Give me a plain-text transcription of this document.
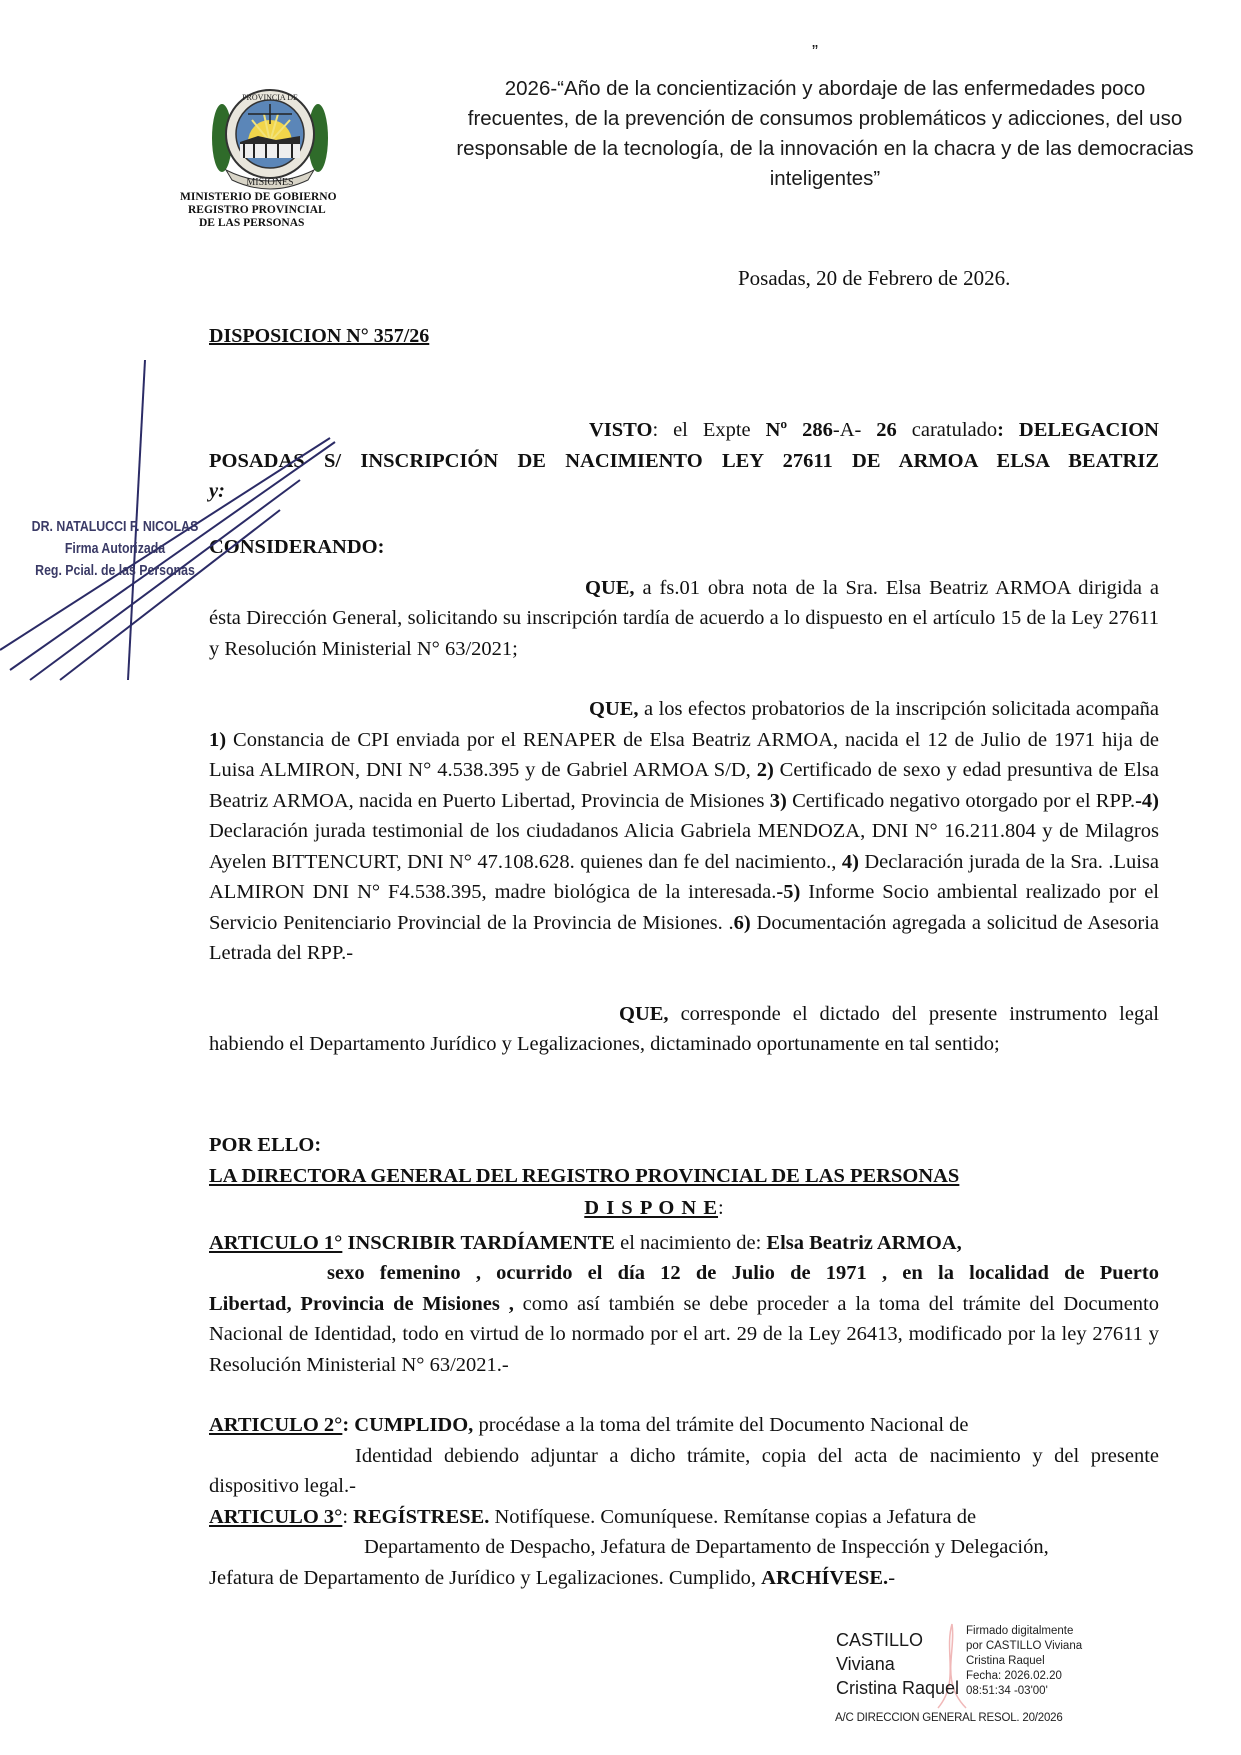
MISIONES
PROVINCIA DE
MINISTERIO DE GOBIERNO
REGISTRO PROVINCIAL
DE LAS PERSONAS
”
2026-“Año de la concientización y abordaje de las enfermedades poco
frecuentes, de la prevención de consumos problemáticos y adicciones, del uso
responsable de la tecnología, de la innovación en la chacra y de las democracias
inteligentes”
Posadas, 20 de Febrero de 2026.
DISPOSICION N° 357/26
VISTO: el Expte Nº 286-A- 26 caratulado: DELEGACION
POSADAS S/ INSCRIPCIÓN DE NACIMIENTO LEY 27611 DE ARMOA ELSA BEATRIZ
y:
CONSIDERANDO:

QUE, a fs.01 obra nota de la Sra. Elsa Beatriz ARMOA dirigida a ésta Dirección General, solicitando su inscripción tardía de acuerdo a lo dispuesto en el artículo 15 de la Ley 27611 y Resolución Ministerial N° 63/2021;

QUE, a los efectos probatorios de la inscripción solicitada acompaña 1) Constancia de CPI enviada por el RENAPER de Elsa Beatriz ARMOA, nacida el 12 de Julio de 1971 hija de Luisa ALMIRON, DNI N° 4.538.395 y de Gabriel ARMOA S/D, 2) Certificado de sexo y edad presuntiva de Elsa Beatriz ARMOA, nacida en Puerto Libertad, Provincia de Misiones 3) Certificado negativo otorgado por el RPP.-4) Declaración jurada testimonial de los ciudadanos Alicia Gabriela MENDOZA, DNI N° 16.211.804 y de Milagros Ayelen BITTENCURT, DNI N° 47.108.628. quienes dan fe del nacimiento., 4) Declaración jurada de la Sra. .Luisa ALMIRON DNI N° F4.538.395, madre biológica de la interesada.-5) Informe Socio ambiental realizado por el Servicio Penitenciario Provincial de la Provincia de Misiones. .6) Documentación agregada a solicitud de Asesoria Letrada del RPP.-

QUE, corresponde el dictado del presente instrumento legal habiendo el Departamento Jurídico y Legalizaciones, dictaminado oportunamente en tal sentido;

POR ELLO:
LA DIRECTORA GENERAL DEL REGISTRO PROVINCIAL DE LAS PERSONAS
D I S P O N E:
ARTICULO 1° INSCRIBIR TARDÍAMENTE el nacimiento de: Elsa Beatriz ARMOA,
sexo femenino , ocurrido el día 12 de Julio de 1971 , en la localidad de Puerto

Libertad, Provincia de Misiones , como así también se debe proceder a la toma del trámite del Documento Nacional de Identidad, todo en virtud de lo normado por el art. 29 de la Ley 26413, modificado por la ley 27611 y Resolución Ministerial N° 63/2021.-

ARTICULO 2°: CUMPLIDO, procédase a la toma del trámite del Documento Nacional de
Identidad debiendo adjuntar a dicho trámite, copia del acta de nacimiento y del presente
dispositivo legal.-
ARTICULO 3°: REGÍSTRESE. Notifíquese. Comuníquese. Remítanse copias a Jefatura de
Departamento de Despacho, Jefatura de Departamento de Inspección y Delegación,
Jefatura de Departamento de Jurídico y Legalizaciones. Cumplido, ARCHÍVESE.-
DR. NATALUCCI F. NICOLAS
Firma Autorizada
Reg. Pcial. de las Personas
CASTILLO
Viviana
Cristina Raquel
Firmado digitalmente
por CASTILLO Viviana
Cristina Raquel
Fecha: 2026.02.20
08:51:34 -03'00'
A/C DIRECCION GENERAL RESOL. 20/2026
